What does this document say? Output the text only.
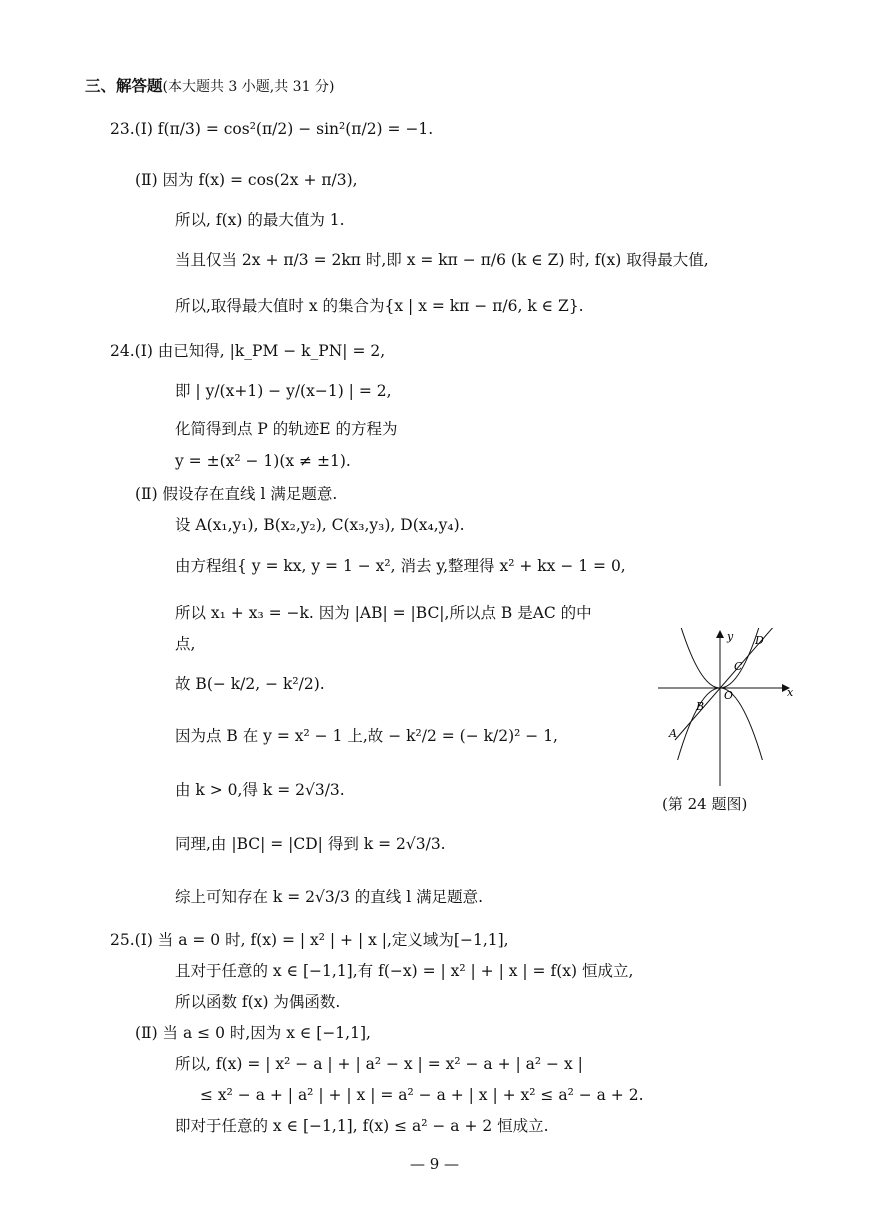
三、解答题(本大题共 3 小题,共 31 分)
23.(Ⅰ) f(π/3) = cos²(π/2) − sin²(π/2) = −1.
(Ⅱ) 因为 f(x) = cos(2x + π/3),
所以, f(x) 的最大值为 1.
当且仅当 2x + π/3 = 2kπ 时,即 x = kπ − π/6 (k ∈ Z) 时, f(x) 取得最大值,
所以,取得最大值时 x 的集合为{x | x = kπ − π/6, k ∈ Z}.
24.(Ⅰ) 由已知得, |k_PM − k_PN| = 2,
即 | y/(x+1) − y/(x−1) | = 2,
化简得到点 P 的轨迹E 的方程为
y = ±(x² − 1)(x ≠ ±1).
(Ⅱ) 假设存在直线 l 满足题意.
设 A(x₁,y₁), B(x₂,y₂), C(x₃,y₃), D(x₄,y₄).
由方程组{ y = kx, y = 1 − x², 消去 y,整理得 x² + kx − 1 = 0,
所以 x₁ + x₃ = −k. 因为 |AB| = |BC|,所以点 B 是AC 的中
点,
故 B(− k/2, − k²/2).
因为点 B 在 y = x² − 1 上,故 − k²/2 = (− k/2)² − 1,
由 k > 0,得 k = 2√3/3.
同理,由 |BC| = |CD| 得到 k = 2√3/3.
综上可知存在 k = 2√3/3 的直线 l 满足题意.
25.(Ⅰ) 当 a = 0 时, f(x) = | x² | + | x |,定义域为[−1,1],
且对于任意的 x ∈ [−1,1],有 f(−x) = | x² | + | x | = f(x) 恒成立,
所以函数 f(x) 为偶函数.
(Ⅱ) 当 a ≤ 0 时,因为 x ∈ [−1,1],
所以, f(x) = | x² − a | + | a² − x | = x² − a + | a² − x |
≤ x² − a + | a² | + | x | = a² − a + | x | + x² ≤ a² − a + 2.
即对于任意的 x ∈ [−1,1], f(x) ≤ a² − a + 2 恒成立.
x
y
O
A
B
C
D
(第 24 题图)
— 9 —
